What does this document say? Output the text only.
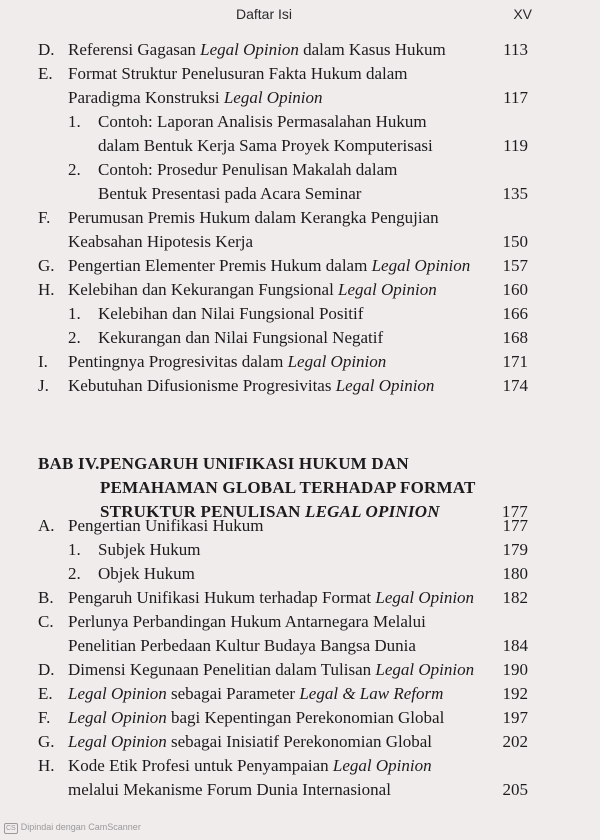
Daftar Isi	XV
D. Referensi Gagasan Legal Opinion dalam Kasus Hukum	113
E. Format Struktur Penelusuran Fakta Hukum dalam
Paradigma Konstruksi Legal Opinion	117
1. Contoh: Laporan Analisis Permasalahan Hukum
dalam Bentuk Kerja Sama Proyek Komputerisasi	119
2. Contoh: Prosedur Penulisan Makalah dalam
Bentuk Presentasi pada Acara Seminar	135
F. Perumusan Premis Hukum dalam Kerangka Pengujian
Keabsahan Hipotesis Kerja	150
G. Pengertian Elementer Premis Hukum dalam Legal Opinion 157
H. Kelebihan dan Kekurangan Fungsional Legal Opinion	160
1. Kelebihan dan Nilai Fungsional Positif	166
2. Kekurangan dan Nilai Fungsional Negatif	168
I. Pentingnya Progresivitas dalam Legal Opinion	171
J. Kebutuhan Difusionisme Progresivitas Legal Opinion	174
BAB IV.PENGARUH UNIFIKASI HUKUM DAN
PEMAHAMAN GLOBAL TERHADAP FORMAT
STRUKTUR PENULISAN LEGAL OPINION	177
A. Pengertian Unifikasi Hukum	177
1. Subjek Hukum	179
2. Objek Hukum	180
B. Pengaruh Unifikasi Hukum terhadap Format Legal Opinion 182
C. Perlunya Perbandingan Hukum Antarnegara Melalui
Penelitian Perbedaan Kultur Budaya Bangsa Dunia	184
D. Dimensi Kegunaan Penelitian dalam Tulisan Legal Opinion 190
E. Legal Opinion sebagai Parameter Legal & Law Reform	192
F. Legal Opinion bagi Kepentingan Perekonomian Global	197
G. Legal Opinion sebagai Inisiatif Perekonomian Global	202
H. Kode Etik Profesi untuk Penyampaian Legal Opinion
melalui Mekanisme Forum Dunia Internasional	205
CS Dipindai dengan CamScanner
